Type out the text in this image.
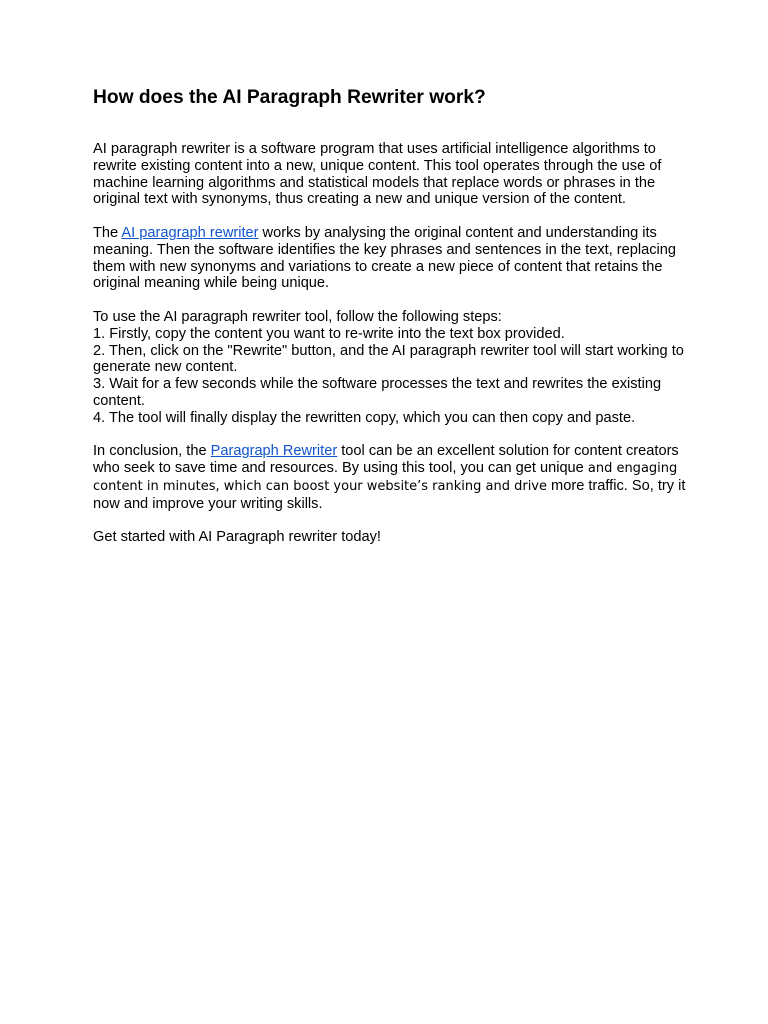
How does the AI Paragraph Rewriter work?

AI paragraph rewriter is a software program that uses artificial intelligence algorithms to rewrite existing content into a new, unique content. This tool operates through the use of machine learning algorithms and statistical models that replace words or phrases in the original text with synonyms, thus creating a new and unique version of the content.

The AI paragraph rewriter works by analysing the original content and understanding its meaning. Then the software identifies the key phrases and sentences in the text, replacing them with new synonyms and variations to create a new piece of content that retains the original meaning while being unique.

To use the AI paragraph rewriter tool, follow the following steps:

1. Firstly, copy the content you want to re-write into the text box provided.

2. Then, click on the "Rewrite" button, and the AI paragraph rewriter tool will start working to generate new content.

3. Wait for a few seconds while the software processes the text and rewrites the existing content.

4. The tool will finally display the rewritten copy, which you can then copy and paste.

In conclusion, the Paragraph Rewriter tool can be an excellent solution for content creators who seek to save time and resources. By using this tool, you can get unique and engaging content in minutes, which can boost your website’s ranking and drive more traffic. So, try it now and improve your writing skills.

Get started with AI Paragraph rewriter today!
